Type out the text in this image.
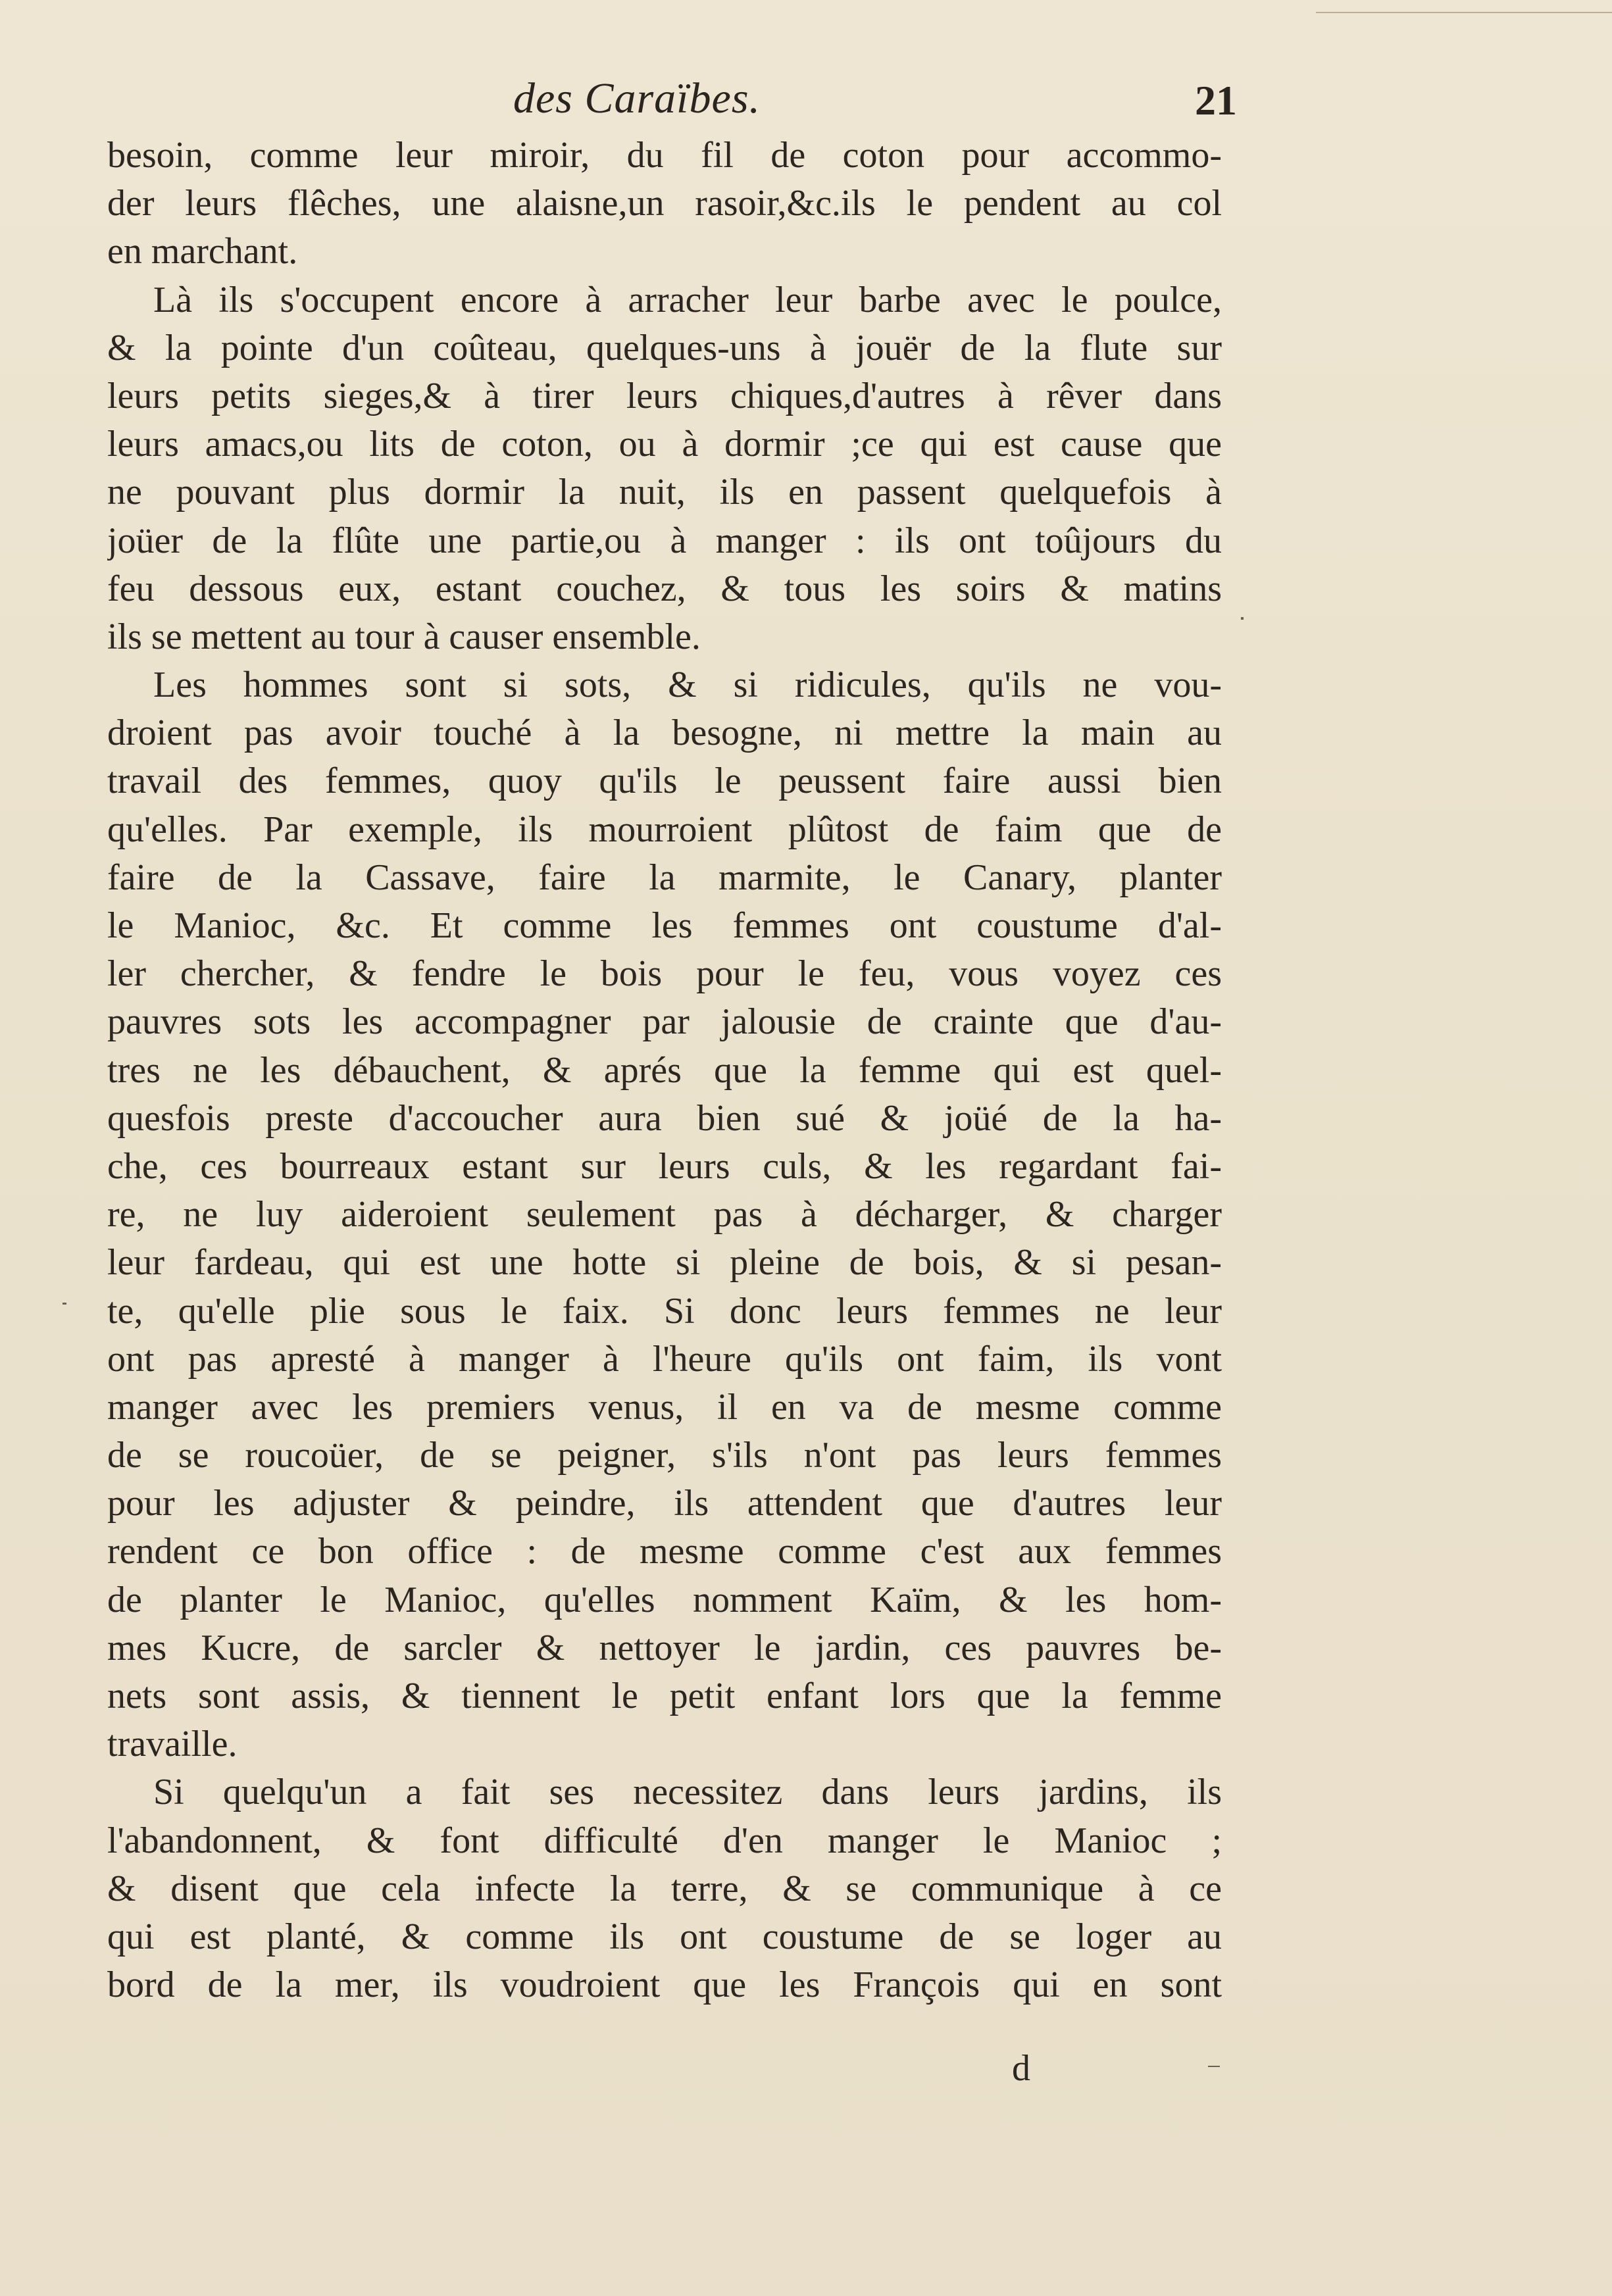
des Caraïbes.	21
besoin, comme leur miroir, du fil de coton pour accommo-
der leurs flêches, une alaisne,un rasoir,&c.ils le pendent au col
en marchant.
Là ils s'occupent encore à arracher leur barbe avec le poulce,
& la pointe d'un coûteau, quelques-uns à jouër de la flute sur
leurs petits sieges,& à tirer leurs chiques,d'autres à rêver dans
leurs amacs,ou lits de coton, ou à dormir ;ce qui est cause que
ne pouvant plus dormir la nuit, ils en passent quelquefois à
joüer de la flûte une partie,ou à manger : ils ont toûjours du
feu dessous eux, estant couchez, & tous les soirs & matins
ils se mettent au tour à causer ensemble.
Les hommes sont si sots, & si ridicules, qu'ils ne vou-
droient pas avoir touché à la besogne, ni mettre la main au
travail des femmes, quoy qu'ils le peussent faire aussi bien
qu'elles. Par exemple, ils mourroient plûtost de faim que de
faire de la Cassave, faire la marmite, le Canary, planter
le Manioc, &c. Et comme les femmes ont coustume d'al-
ler chercher, & fendre le bois pour le feu, vous voyez ces
pauvres sots les accompagner par jalousie de crainte que d'au-
tres ne les débauchent, & aprés que la femme qui est quel-
quesfois preste d'accoucher aura bien sué & joüé de la ha-
che, ces bourreaux estant sur leurs culs, & les regardant fai-
re, ne luy aideroient seulement pas à décharger, & charger
leur fardeau, qui est une hotte si pleine de bois, & si pesan-
te, qu'elle plie sous le faix. Si donc leurs femmes ne leur
ont pas apresté à manger à l'heure qu'ils ont faim, ils vont
manger avec les premiers venus, il en va de mesme comme
de se roucoüer, de se peigner, s'ils n'ont pas leurs femmes
pour les adjuster & peindre, ils attendent que d'autres leur
rendent ce bon office : de mesme comme c'est aux femmes
de planter le Manioc, qu'elles nomment Kaïm, & les hom-
mes Kucre, de sarcler & nettoyer le jardin, ces pauvres be-
nets sont assis, & tiennent le petit enfant lors que la femme
travaille.
Si quelqu'un a fait ses necessitez dans leurs jardins, ils
l'abandonnent, & font difficulté d'en manger le Manioc ;
& disent que cela infecte la terre, & se communique à ce
qui est planté, & comme ils ont coustume de se loger au
bord de la mer, ils voudroient que les François qui en sont
d
